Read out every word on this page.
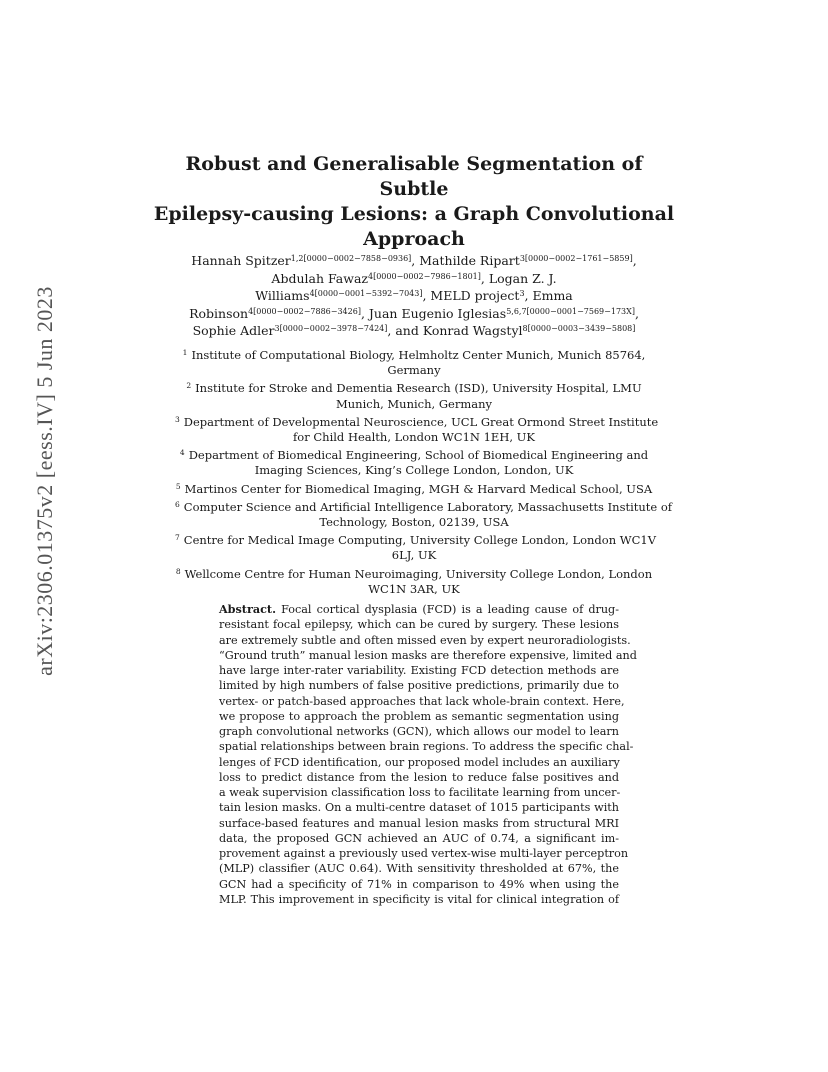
arXiv:2306.01375v2 [eess.IV] 5 Jun 2023
Robust and Generalisable Segmentation of Subtle
Epilepsy-causing Lesions: a Graph Convolutional
Approach
Hannah Spitzer$^{1,2[0000-0002-7858-0936]}$, Mathilde Ripart$^{3[0000-0002-1761-5859]}$,
Abdulah Fawaz$^{4[0000-0002-7986-1801]}$, Logan Z. J.
Williams$^{4[0000-0001-5392-7043]}$, MELD project$^3$, Emma
Robinson$^{4[0000-0002-7886-3426]}$, Juan Eugenio Iglesias$^{5,6,7[0000-0001-7569-173X]}$,
Sophie Adler$^{3[0000-0002-3978-7424]}$, and Konrad Wagstyl$^{8[0000-0003-3439-5808]}$
$^1$ Institute of Computational Biology, Helmholtz Center Munich, Munich 85764,
Germany
$^2$ Institute for Stroke and Dementia Research (ISD), University Hospital, LMU
Munich, Munich, Germany
$^3$ Department of Developmental Neuroscience, UCL Great Ormond Street Institute
for Child Health, London WC1N 1EH, UK
$^4$ Department of Biomedical Engineering, School of Biomedical Engineering and
Imaging Sciences, King’s College London, London, UK
$^5$ Martinos Center for Biomedical Imaging, MGH & Harvard Medical School, USA
$^6$ Computer Science and Artificial Intelligence Laboratory, Massachusetts Institute of
Technology, Boston, 02139, USA
$^7$ Centre for Medical Image Computing, University College London, London WC1V
6LJ, UK
$^8$ Wellcome Centre for Human Neuroimaging, University College London, London
WC1N 3AR, UK
Abstract. Focal cortical dysplasia (FCD) is a leading cause of drug-
resistant focal epilepsy, which can be cured by surgery. These lesions
are extremely subtle and often missed even by expert neuroradiologists.
“Ground truth” manual lesion masks are therefore expensive, limited and
have large inter-rater variability. Existing FCD detection methods are
limited by high numbers of false positive predictions, primarily due to
vertex- or patch-based approaches that lack whole-brain context. Here,
we propose to approach the problem as semantic segmentation using
graph convolutional networks (GCN), which allows our model to learn
spatial relationships between brain regions. To address the specific chal-
lenges of FCD identification, our proposed model includes an auxiliary
loss to predict distance from the lesion to reduce false positives and
a weak supervision classification loss to facilitate learning from uncer-
tain lesion masks. On a multi-centre dataset of 1015 participants with
surface-based features and manual lesion masks from structural MRI
data, the proposed GCN achieved an AUC of 0.74, a significant im-
provement against a previously used vertex-wise multi-layer perceptron
(MLP) classifier (AUC 0.64). With sensitivity thresholded at 67%, the
GCN had a specificity of 71% in comparison to 49% when using the
MLP. This improvement in specificity is vital for clinical integration of
